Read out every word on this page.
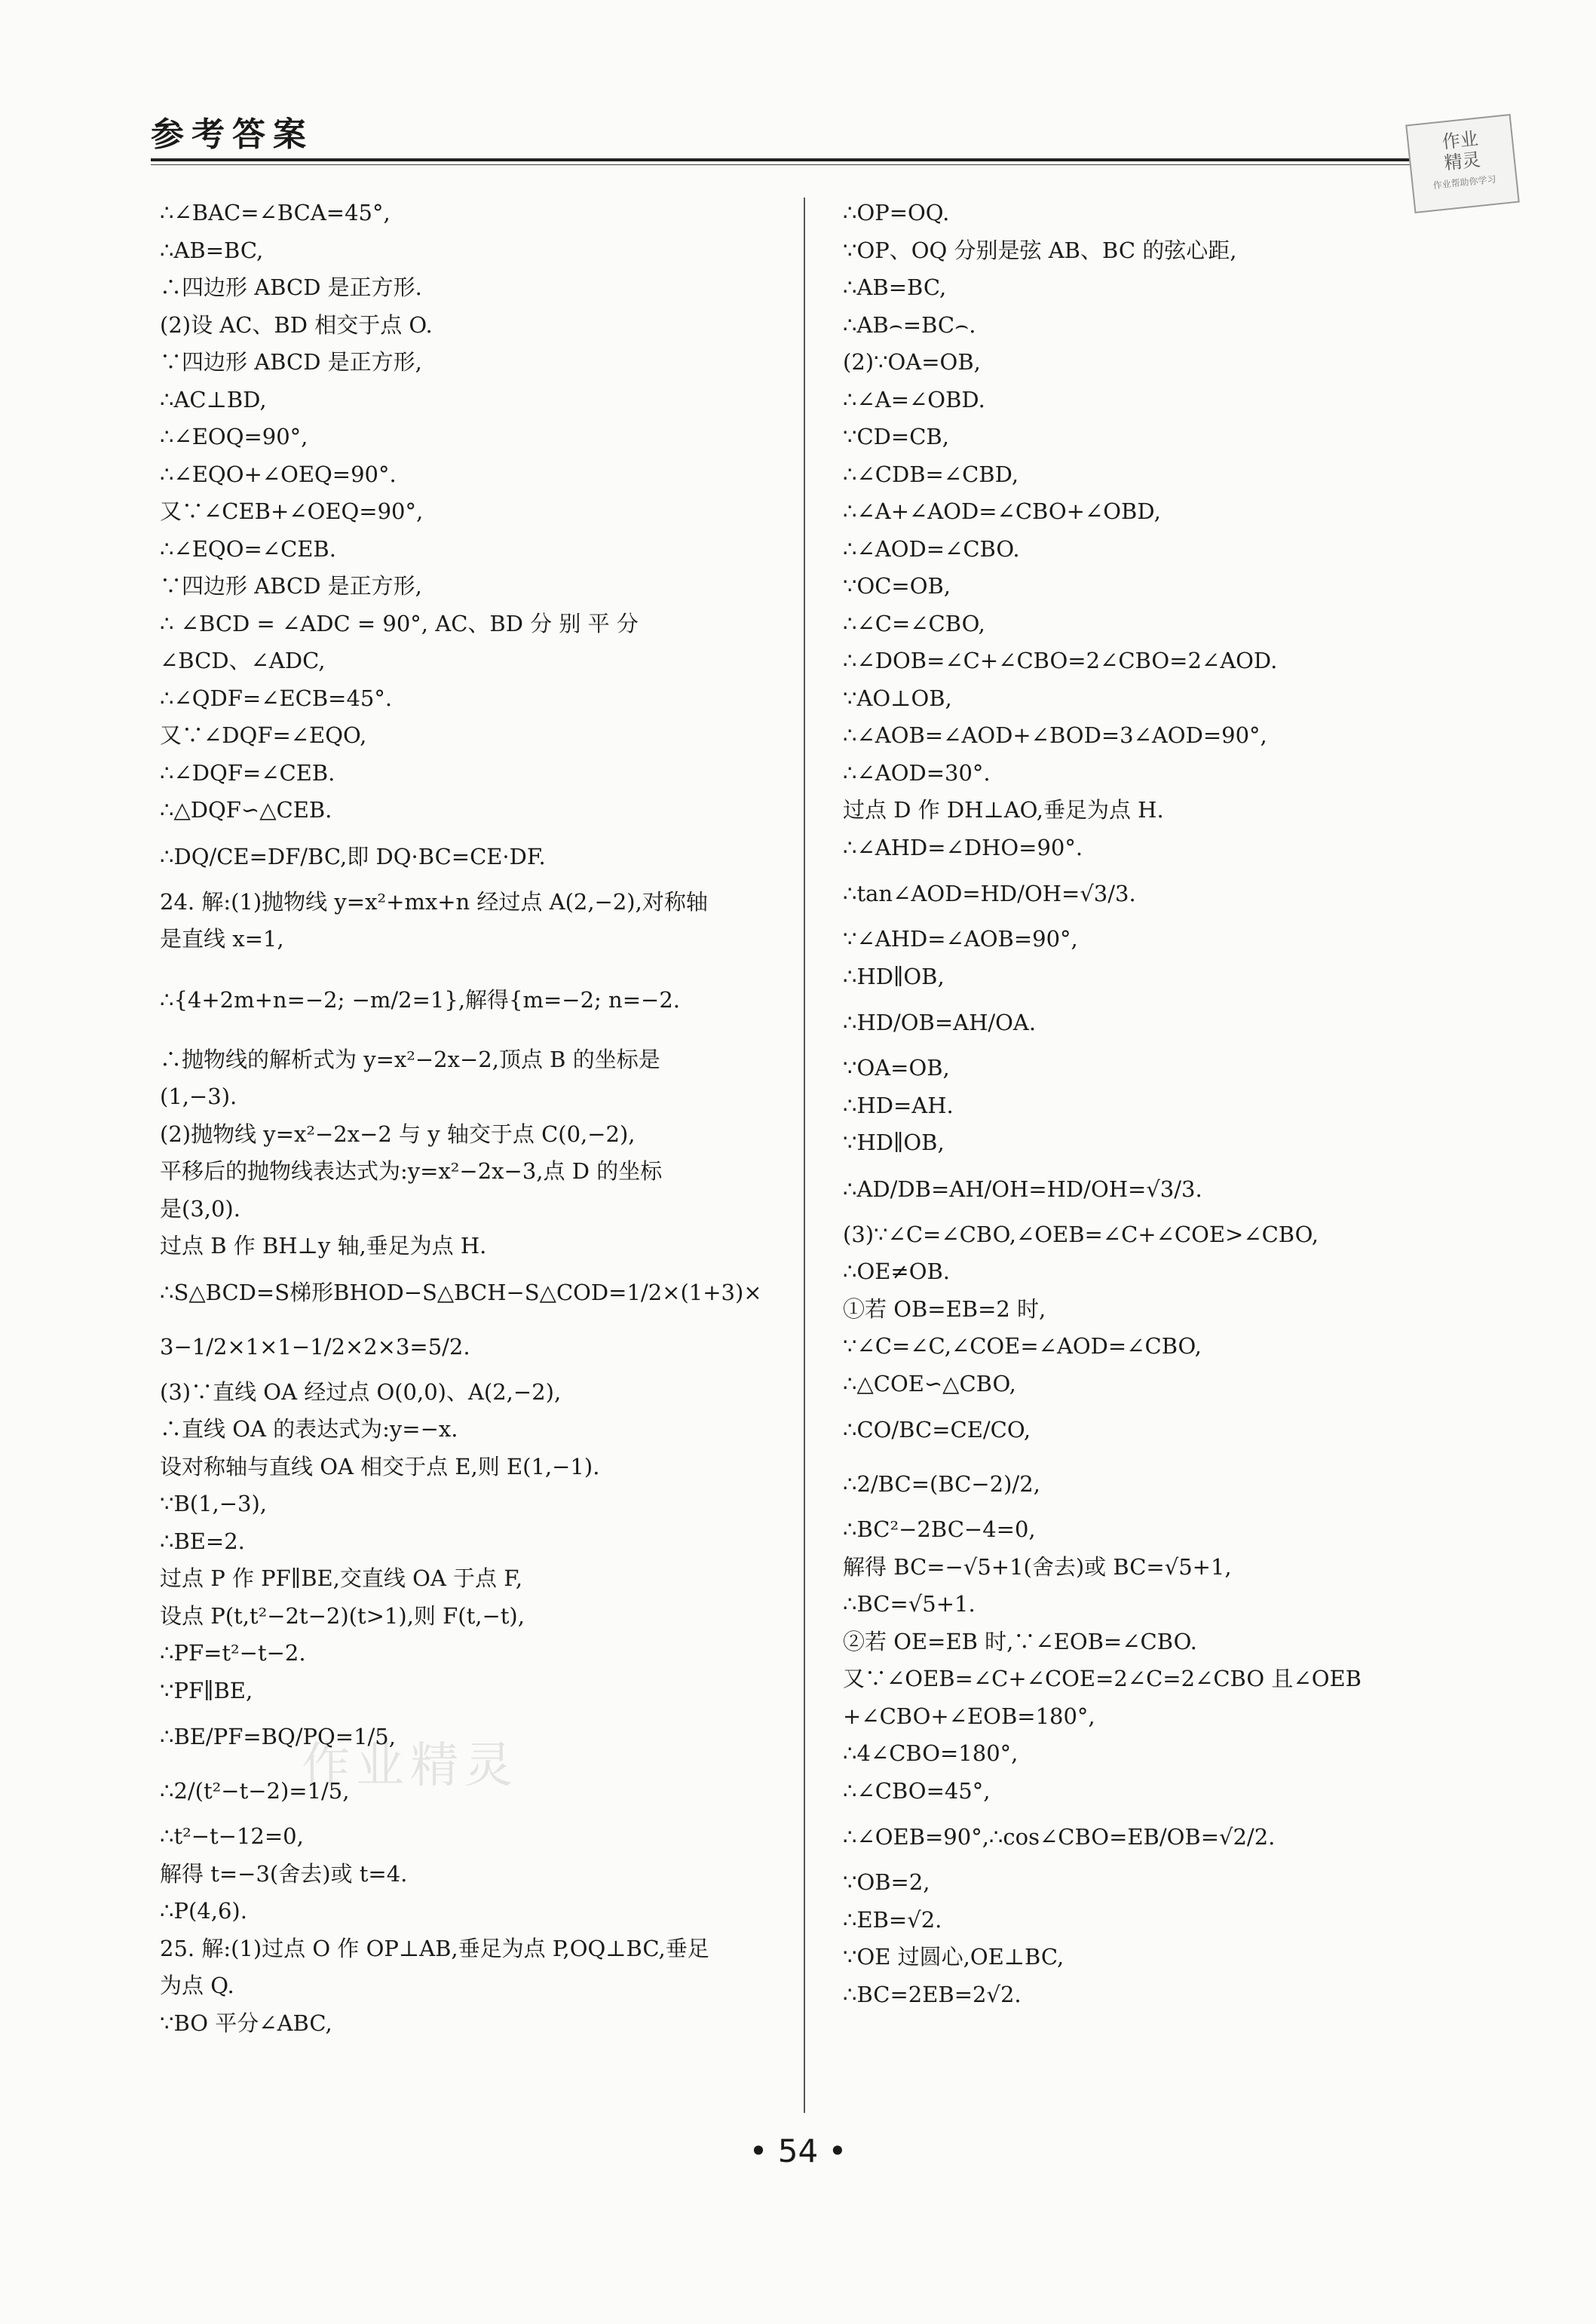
参考答案	作业
精灵
作业帮助你学习
作业精灵
∴∠BAC=∠BCA=45°,
∴AB=BC,
∴四边形 ABCD 是正方形.
(2)设 AC、BD 相交于点 O.
∵四边形 ABCD 是正方形,
∴AC⊥BD,
∴∠EOQ=90°,
∴∠EQO+∠OEQ=90°.
又∵∠CEB+∠OEQ=90°,
∴∠EQO=∠CEB.
∵四边形 ABCD 是正方形,
∴ ∠BCD = ∠ADC = 90°, AC、BD 分 别 平 分
∠BCD、∠ADC,
∴∠QDF=∠ECB=45°.
又∵∠DQF=∠EQO,
∴∠DQF=∠CEB.
∴△DQF∽△CEB.
∴DQ/CE=DF/BC,即 DQ·BC=CE·DF.
24. 解:(1)抛物线 y=x²+mx+n 经过点 A(2,−2),对称轴
是直线 x=1,
∴{4+2m+n=−2; −m/2=1},解得{m=−2; n=−2.
∴抛物线的解析式为 y=x²−2x−2,顶点 B 的坐标是
(1,−3).
(2)抛物线 y=x²−2x−2 与 y 轴交于点 C(0,−2),
平移后的抛物线表达式为:y=x²−2x−3,点 D 的坐标
是(3,0).
过点 B 作 BH⊥y 轴,垂足为点 H.
∴S△BCD=S梯形BHOD−S△BCH−S△COD=1/2×(1+3)×
3−1/2×1×1−1/2×2×3=5/2.
(3)∵直线 OA 经过点 O(0,0)、A(2,−2),
∴直线 OA 的表达式为:y=−x.
设对称轴与直线 OA 相交于点 E,则 E(1,−1).
∵B(1,−3),
∴BE=2.
过点 P 作 PF∥BE,交直线 OA 于点 F,
设点 P(t,t²−2t−2)(t>1),则 F(t,−t),
∴PF=t²−t−2.
∵PF∥BE,
∴BE/PF=BQ/PQ=1/5,
∴2/(t²−t−2)=1/5,
∴t²−t−12=0,
解得 t=−3(舍去)或 t=4.
∴P(4,6).
25. 解:(1)过点 O 作 OP⊥AB,垂足为点 P,OQ⊥BC,垂足
为点 Q.
∵BO 平分∠ABC,
∴OP=OQ.
∵OP、OQ 分别是弦 AB、BC 的弦心距,
∴AB=BC,
∴AB⌢=BC⌢.
(2)∵OA=OB,
∴∠A=∠OBD.
∵CD=CB,
∴∠CDB=∠CBD,
∴∠A+∠AOD=∠CBO+∠OBD,
∴∠AOD=∠CBO.
∵OC=OB,
∴∠C=∠CBO,
∴∠DOB=∠C+∠CBO=2∠CBO=2∠AOD.
∵AO⊥OB,
∴∠AOB=∠AOD+∠BOD=3∠AOD=90°,
∴∠AOD=30°.
过点 D 作 DH⊥AO,垂足为点 H.
∴∠AHD=∠DHO=90°.
∴tan∠AOD=HD/OH=√3/3.
∵∠AHD=∠AOB=90°,
∴HD∥OB,
∴HD/OB=AH/OA.
∵OA=OB,
∴HD=AH.
∵HD∥OB,
∴AD/DB=AH/OH=HD/OH=√3/3.
(3)∵∠C=∠CBO,∠OEB=∠C+∠COE>∠CBO,
∴OE≠OB.
①若 OB=EB=2 时,
∵∠C=∠C,∠COE=∠AOD=∠CBO,
∴△COE∽△CBO,
∴CO/BC=CE/CO,
∴2/BC=(BC−2)/2,
∴BC²−2BC−4=0,
解得 BC=−√5+1(舍去)或 BC=√5+1,
∴BC=√5+1.
②若 OE=EB 时,∵∠EOB=∠CBO.
又∵∠OEB=∠C+∠COE=2∠C=2∠CBO 且∠OEB
+∠CBO+∠EOB=180°,
∴4∠CBO=180°,
∴∠CBO=45°,
∴∠OEB=90°,∴cos∠CBO=EB/OB=√2/2.
∵OB=2,
∴EB=√2.
∵OE 过圆心,OE⊥BC,
∴BC=2EB=2√2.
• 54 •
